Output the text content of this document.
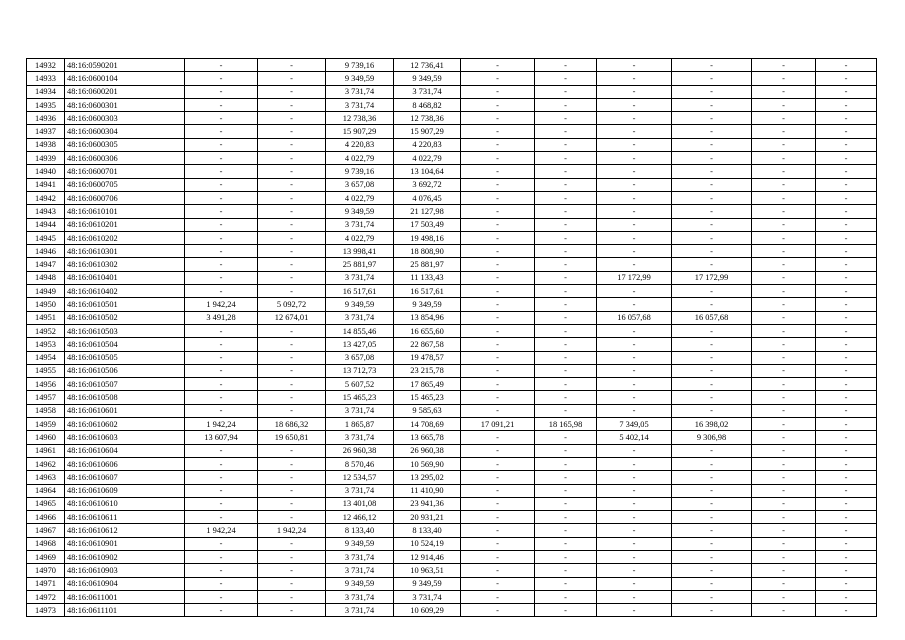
14932	48:16:0590201	-	-	9 739,16	12 736,41	-	-	-	-	-	-
14933	48:16:0600104	-	-	9 349,59	9 349,59	-	-	-	-	-	-
14934	48:16:0600201	-	-	3 731,74	3 731,74	-	-	-	-	-	-
14935	48:16:0600301	-	-	3 731,74	8 468,82	-	-	-	-	-	-
14936	48:16:0600303	-	-	12 738,36	12 738,36	-	-	-	-	-	-
14937	48:16:0600304	-	-	15 907,29	15 907,29	-	-	-	-	-	-
14938	48:16:0600305	-	-	4 220,83	4 220,83	-	-	-	-	-	-
14939	48:16:0600306	-	-	4 022,79	4 022,79	-	-	-	-	-	-
14940	48:16:0600701	-	-	9 739,16	13 104,64	-	-	-	-	-	-
14941	48:16:0600705	-	-	3 657,08	3 692,72	-	-	-	-	-	-
14942	48:16:0600706	-	-	4 022,79	4 076,45	-	-	-	-	-	-
14943	48:16:0610101	-	-	9 349,59	21 127,98	-	-	-	-	-	-
14944	48:16:0610201	-	-	3 731,74	17 503,49	-	-	-	-	-	-
14945	48:16:0610202	-	-	4 022,79	19 498,16	-	-	-	-	-	-
14946	48:16:0610301	-	-	13 998,41	18 808,90	-	-	-	-	-	-
14947	48:16:0610302	-	-	25 881,97	25 881,97	-	-	-	-	-	-
14948	48:16:0610401	-	-	3 731,74	11 133,43	-	-	17 172,99	17 172,99	-	-
14949	48:16:0610402	-	-	16 517,61	16 517,61	-	-	-	-	-	-
14950	48:16:0610501	1 942,24	5 092,72	9 349,59	9 349,59	-	-	-	-	-	-
14951	48:16:0610502	3 491,28	12 674,01	3 731,74	13 854,96	-	-	16 057,68	16 057,68	-	-
14952	48:16:0610503	-	-	14 855,46	16 655,60	-	-	-	-	-	-
14953	48:16:0610504	-	-	13 427,05	22 867,58	-	-	-	-	-	-
14954	48:16:0610505	-	-	3 657,08	19 478,57	-	-	-	-	-	-
14955	48:16:0610506	-	-	13 712,73	23 215,78	-	-	-	-	-	-
14956	48:16:0610507	-	-	5 607,52	17 865,49	-	-	-	-	-	-
14957	48:16:0610508	-	-	15 465,23	15 465,23	-	-	-	-	-	-
14958	48:16:0610601	-	-	3 731,74	9 585,63	-	-	-	-	-	-
14959	48:16:0610602	1 942,24	18 686,32	1 865,87	14 708,69	17 091,21	18 165,98	7 349,05	16 398,02	-	-
14960	48:16:0610603	13 607,94	19 650,81	3 731,74	13 665,78	-	-	5 402,14	9 306,98	-	-
14961	48:16:0610604	-	-	26 960,38	26 960,38	-	-	-	-	-	-
14962	48:16:0610606	-	-	8 570,46	10 569,90	-	-	-	-	-	-
14963	48:16:0610607	-	-	12 534,57	13 295,02	-	-	-	-	-	-
14964	48:16:0610609	-	-	3 731,74	11 410,90	-	-	-	-	-	-
14965	48:16:0610610	-	-	13 401,08	23 941,36	-	-	-	-	-	-
14966	48:16:0610611	-	-	12 466,12	20 931,21	-	-	-	-	-	-
14967	48:16:0610612	1 942,24	1 942,24	8 133,40	8 133,40	-	-	-	-	-	-
14968	48:16:0610901	-	-	9 349,59	10 524,19	-	-	-	-	-	-
14969	48:16:0610902	-	-	3 731,74	12 914,46	-	-	-	-	-	-
14970	48:16:0610903	-	-	3 731,74	10 963,51	-	-	-	-	-	-
14971	48:16:0610904	-	-	9 349,59	9 349,59	-	-	-	-	-	-
14972	48:16:0611001	-	-	3 731,74	3 731,74	-	-	-	-	-	-
14973	48:16:0611101	-	-	3 731,74	10 609,29	-	-	-	-	-	-
